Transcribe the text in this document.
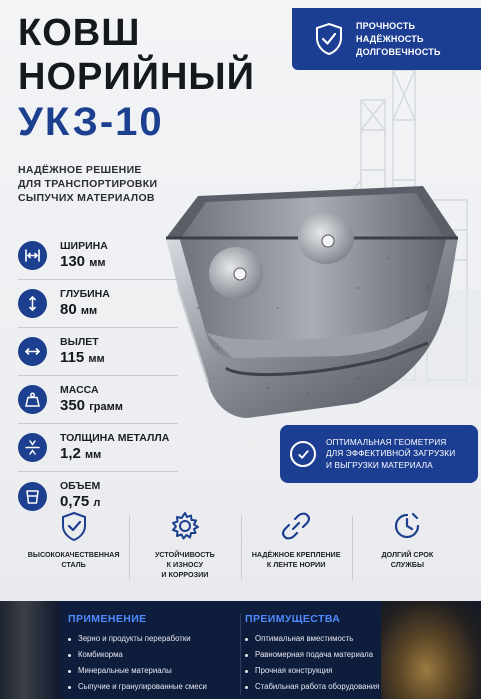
КОВШ
НОРИЙНЫЙ
УКЗ-10
НАДЁЖНОЕ РЕШЕНИЕ
ДЛЯ ТРАНСПОРТИРОВКИ
СЫПУЧИХ МАТЕРИАЛОВ
ПРОЧНОСТЬ
НАДЁЖНОСТЬ
ДОЛГОВЕЧНОСТЬ
ШИРИНА
130 мм
ГЛУБИНА
80 мм
ВЫЛЕТ
115 мм
МАССА
350 грамм
ТОЛЩИНА МЕТАЛЛА
1,2 мм
ОБЪЕМ
0,75 л
ОПТИМАЛЬНАЯ ГЕОМЕТРИЯ
ДЛЯ ЭФФЕКТИВНОЙ ЗАГРУЗКИ
И ВЫГРУЗКИ МАТЕРИАЛА
ВЫСОКОКАЧЕСТВЕННАЯ
СТАЛЬ
УСТОЙЧИВОСТЬ
К ИЗНОСУ
И КОРРОЗИИ
НАДЁЖНОЕ КРЕПЛЕНИЕ
К ЛЕНТЕ НОРИИ
ДОЛГИЙ СРОК
СЛУЖБЫ
ПРИМЕНЕНИЕ
Зерно и продукты переработки
Комбикорма
Минеральные материалы
Сыпучие и гранулированные смеси
ПРЕИМУЩЕСТВА
Оптимальная вместимость
Равномерная подача материала
Прочная конструкция
Стабильная работа оборудования
